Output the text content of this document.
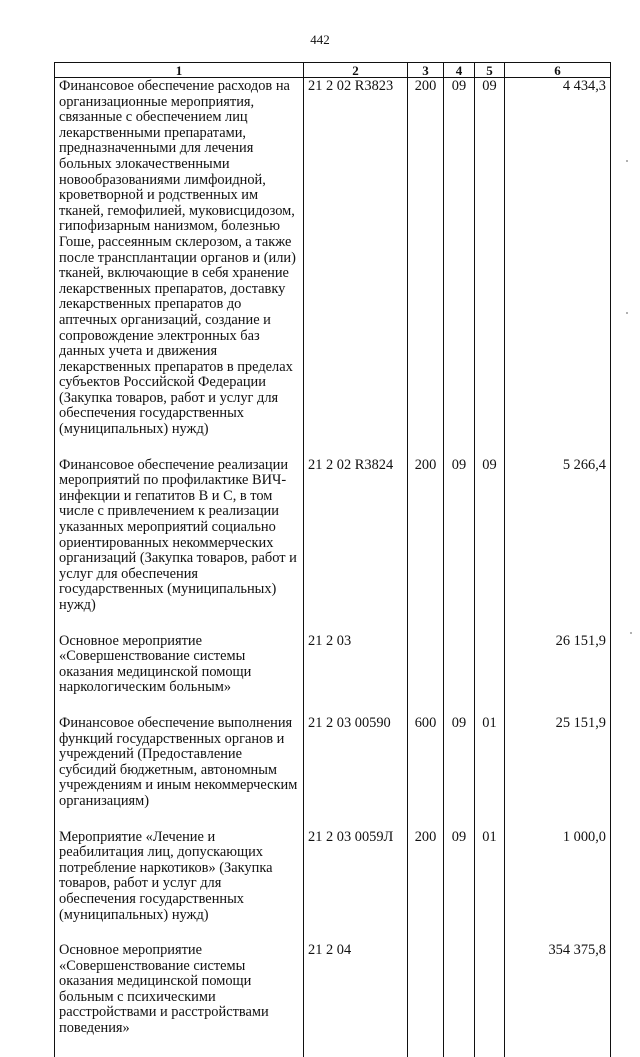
442
1	2	3	4	5	6
Финансовое обеспечение расходов на организационные мероприятия, связанные с обеспечением лиц лекарственными препаратами, предназначенными для лечения больных злокачественными новообразованиями лимфоидной, кроветворной и родственных им тканей, гемофилией, муковисцидозом, гипофизарным нанизмом, болезнью Гоше, рассеянным склерозом, а также после трансплантации органов и (или) тканей, включающие в себя хранение лекарственных препаратов, доставку лекарственных препаратов до аптечных организаций, создание и сопровождение электронных баз данных учета и движения лекарственных препаратов в пределах субъектов Российской Федерации (Закупка товаров, работ и услуг для обеспечения государственных (муниципальных) нужд)	21 2 02 R3823	200	09	09	4 434,3
Финансовое обеспечение реализации мероприятий по профилактике ВИЧ-инфекции и гепатитов B и C, в том числе с привлечением к реализации указанных мероприятий социально ориентированных некоммерческих организаций (Закупка товаров, работ и услуг для обеспечения государственных (муниципальных) нужд)	21 2 02 R3824	200	09	09	5 266,4
Основное мероприятие «Совершенствование системы оказания медицинской помощи наркологическим больным»	21 2 03				26 151,9
Финансовое обеспечение выполнения функций государственных органов и учреждений (Предоставление субсидий бюджетным, автономным учреждениям и иным некоммерческим организациям)	21 2 03 00590	600	09	01	25 151,9
Мероприятие «Лечение и реабилитация лиц, допускающих потребление наркотиков» (Закупка товаров, работ и услуг для обеспечения государственных (муниципальных) нужд)	21 2 03 0059Л	200	09	01	1 000,0
Основное мероприятие «Совершенствование системы оказания медицинской помощи больным с психическими расстройствами и расстройствами поведения»	21 2 04				354 375,8
